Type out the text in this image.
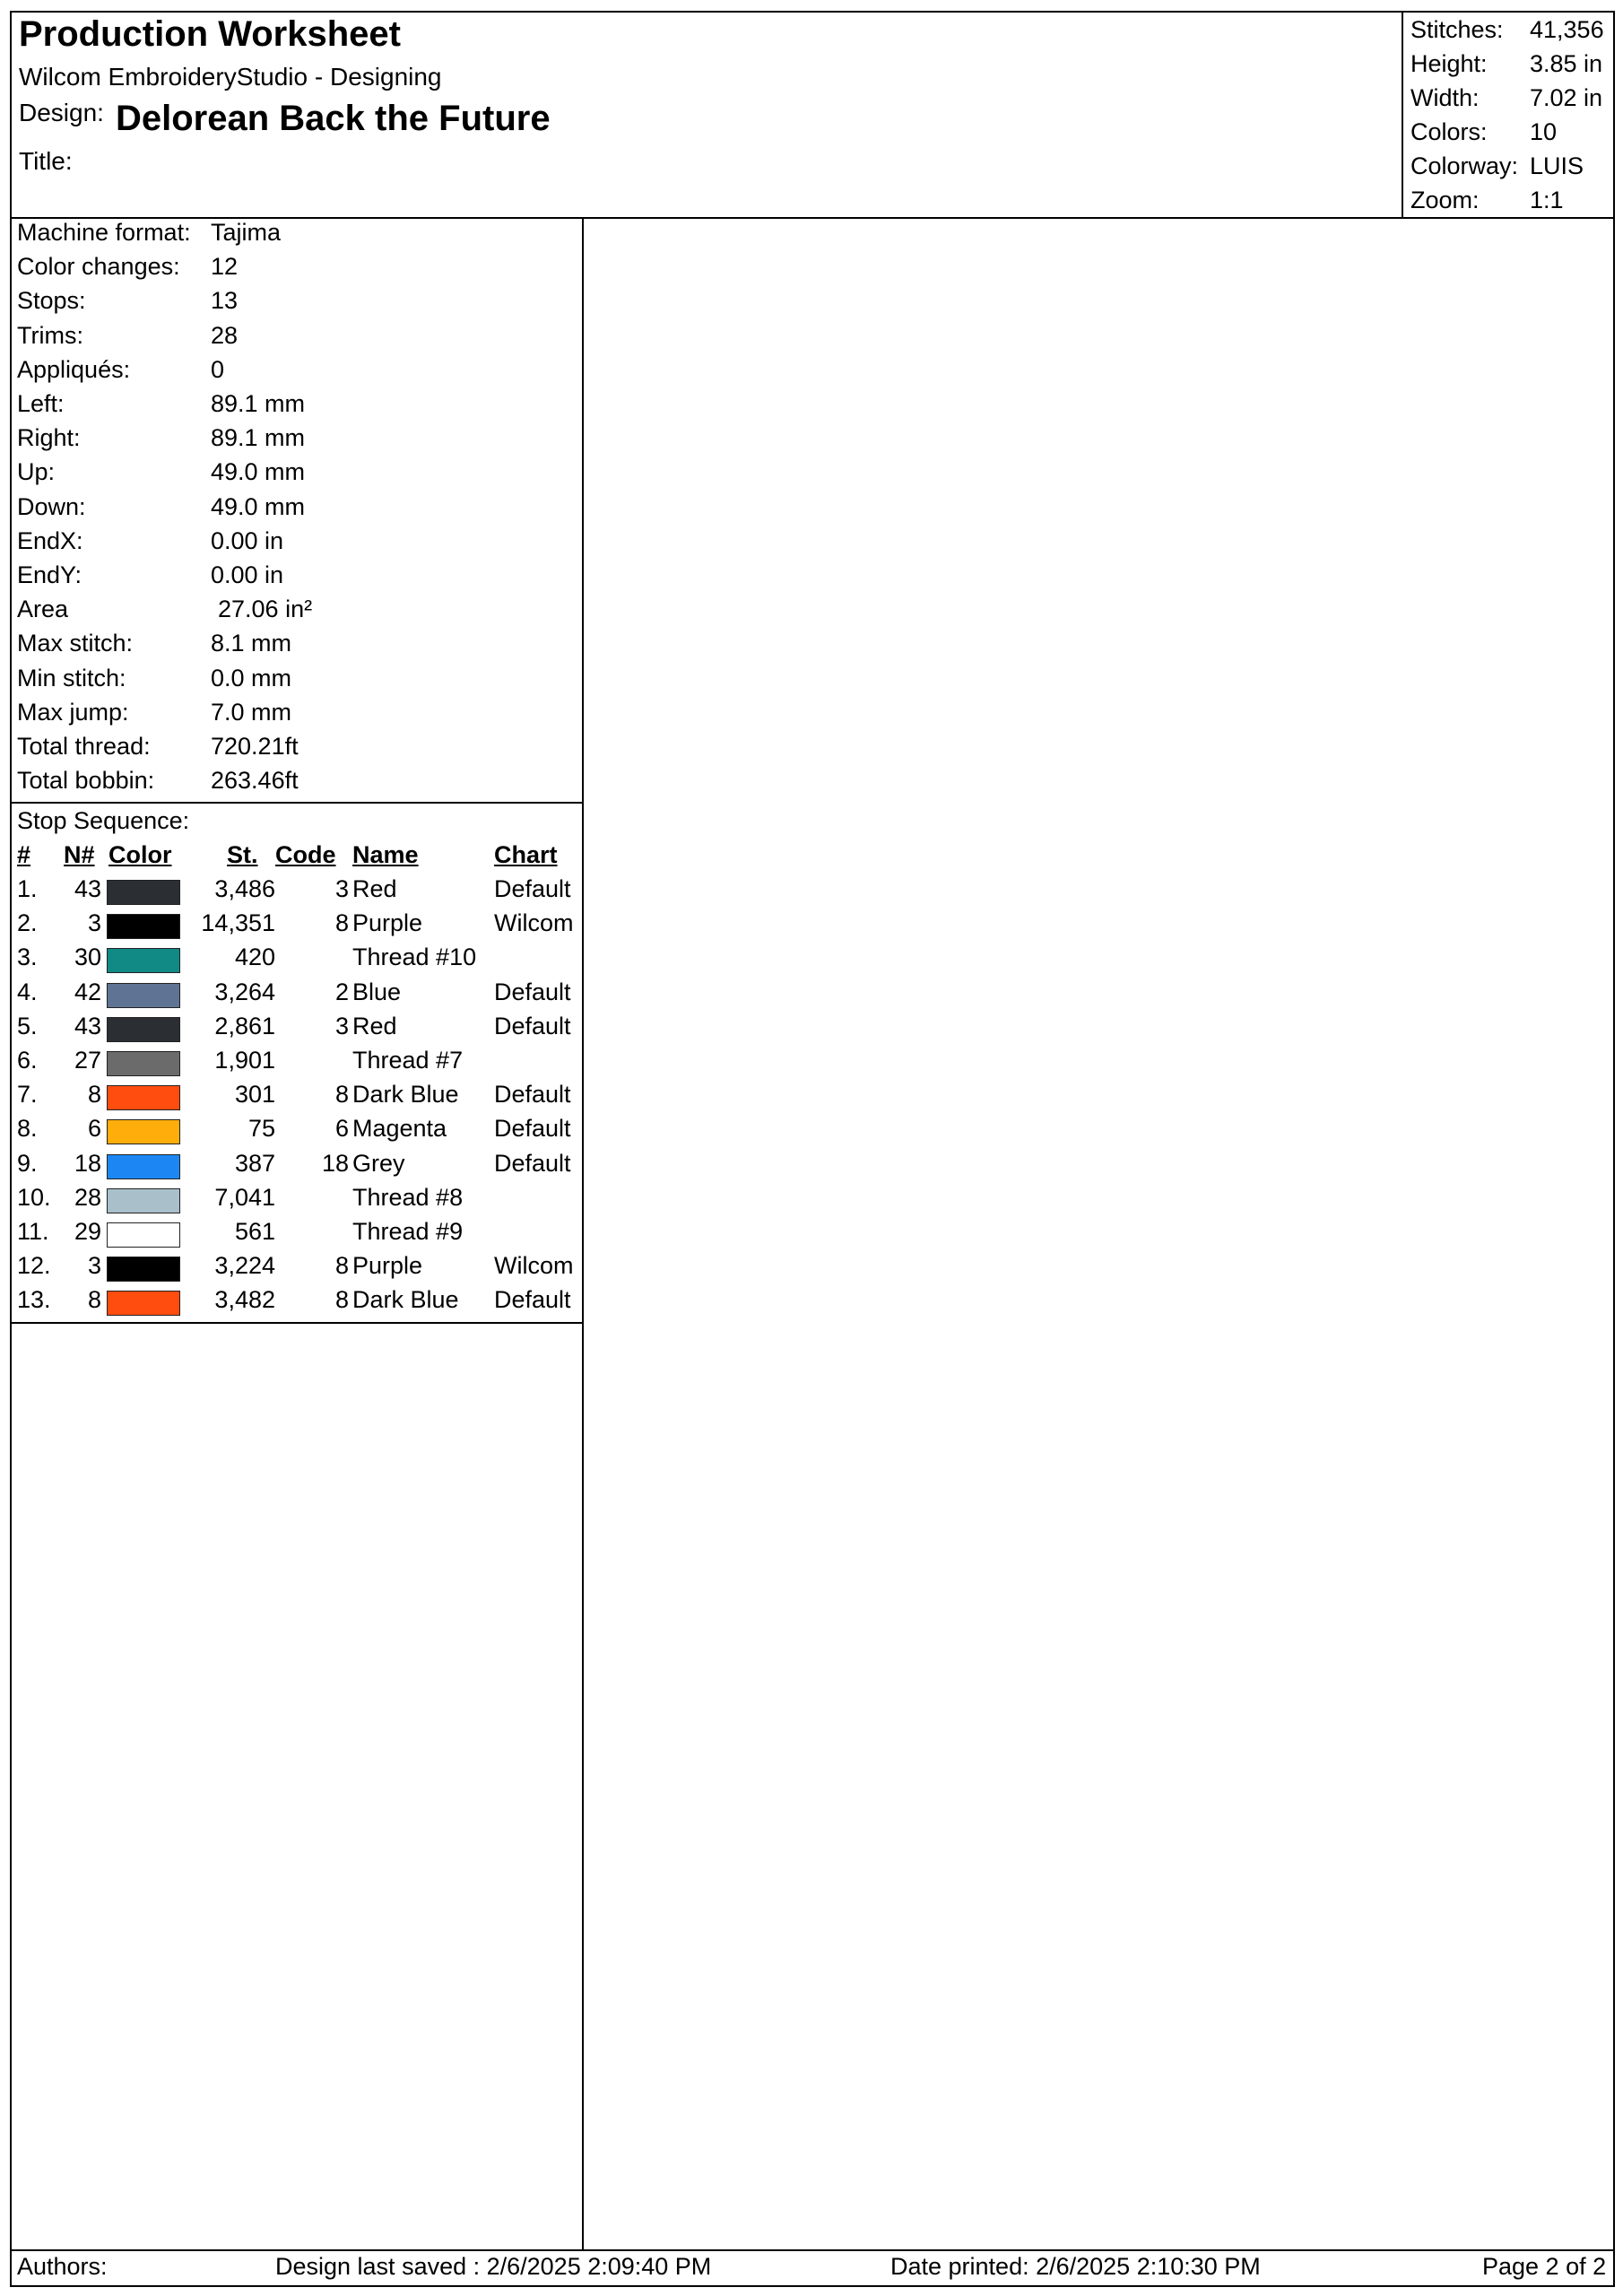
Production Worksheet
Wilcom EmbroideryStudio - Designing
Design: Delorean Back the Future
Title:
Stitches: 41,356
Height: 3.85 in
Width: 7.02 in
Colors: 10
Colorway: LUIS
Zoom: 1:1
Machine format: Tajima
Color changes: 12
Stops:	13
Trims:	28
Appliqués:	0
Left:	89.1 mm
Right:	89.1 mm
Up:	49.0 mm
Down:	49.0 mm
EndX:	0.00 in
EndY:	0.00 in
Area	27.06 in²
Max stitch:	8.1 mm
Min stitch:	0.0 mm
Max jump:	7.0 mm
Total thread: 720.21ft
Total bobbin: 263.46ft
Stop Sequence:
# N# Color St. Code Name	Chart
1.	43	3,486	3 Red	Default
2.	3	14,351	8 Purple	Wilcom
3.	30	420	Thread #10
4.	42	3,264	2 Blue	Default
5.	43	2,861	3 Red	Default
6.	27	1,901	Thread #7
7.	8	301	8 Dark Blue Default
8.	6	75	6 Magenta Default
9.	18	387	18 Grey	Default
10. 28	7,041	Thread #8
11.	29	561	Thread #9
12.	3	3,224	8 Purple	Wilcom
13.	8	3,482	8 Dark Blue Default
Authors:	Design last saved : 2/6/2025 2:09:40 PM	Date printed: 2/6/2025 2:10:30 PM	Page 2 of 2
